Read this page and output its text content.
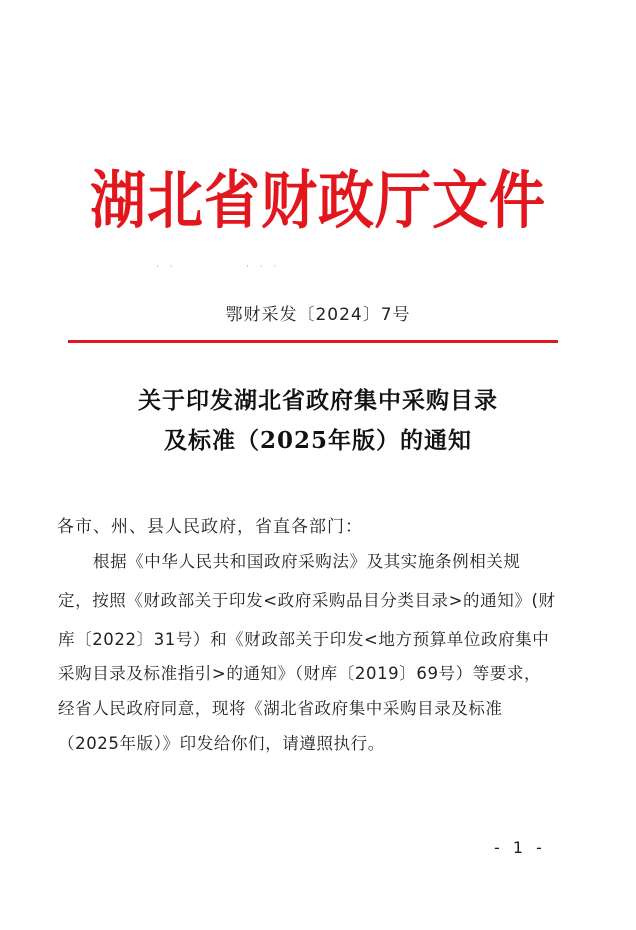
湖北省财政厅文件
· ·	· · ·
鄂财采发〔2024〕7号
关于印发湖北省政府集中采购目录
及标准（2025年版）的通知
各市、州、县人民政府，省直各部门：
根据《中华人民共和国政府采购法》及其实施条例相关规
定，按照《财政部关于印发<政府采购品目分类目录>的通知》(财
库〔2022〕31号）和《财政部关于印发<地方预算单位政府集中
采购目录及标准指引>的通知》（财库〔2019〕69号）等要求，
经省人民政府同意，现将《湖北省政府集中采购目录及标准
（2025年版）》印发给你们，请遵照执行。
- 1 -
